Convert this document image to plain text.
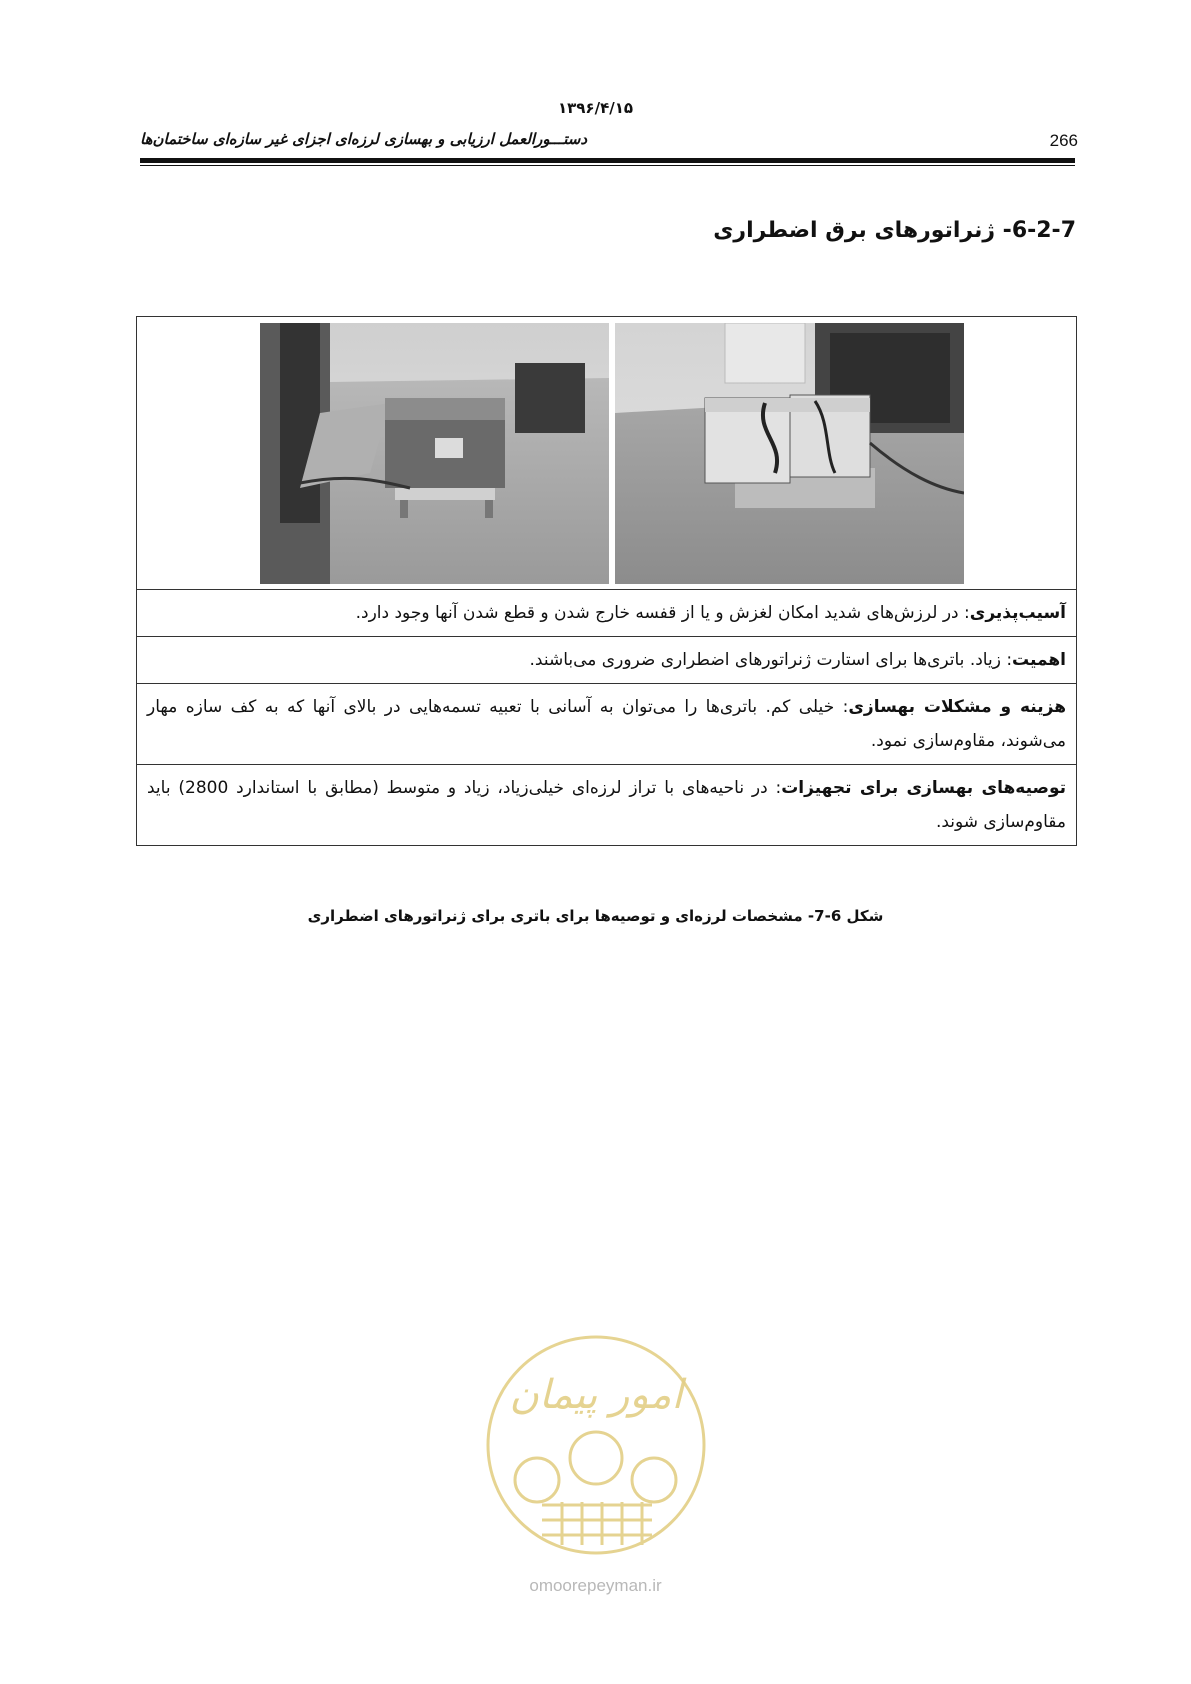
۱۳۹۶/۴/۱۵
دستـــورالعمل ارزیابی و بهسازی لرزه‌ای اجزای غیر سازه‌ای ساختمان‌ها	266
6-2-7- ژنراتورهای برق اضطراری
آسیب‌پذیری: در لرزش‌های شدید امکان لغزش و یا از قفسه خارج شدن و قطع شدن آنها وجود دارد.
اهمیت: زیاد. باتری‌ها برای استارت ژنراتورهای اضطراری ضروری می‌باشند.
هزینه و مشکلات بهسازی: خیلی کم. باتری‌ها را می‌توان به آسانی با تعبیه تسمه‌هایی در بالای آنها که به کف سازه مهار می‌شوند، مقاوم‌سازی نمود.
توصیه‌های بهسازی برای تجهیزات: در ناحیه‌های با تراز لرزه‌ای خیلی‌زیاد، زیاد و متوسط (مطابق با استاندارد 2800) باید مقاوم‌سازی شوند.
شکل 6-7- مشخصات لرزه‌ای و توصیه‌ها برای باتری برای ژنراتورهای اضطراری
امور پیمان
omoorepeyman.ir
